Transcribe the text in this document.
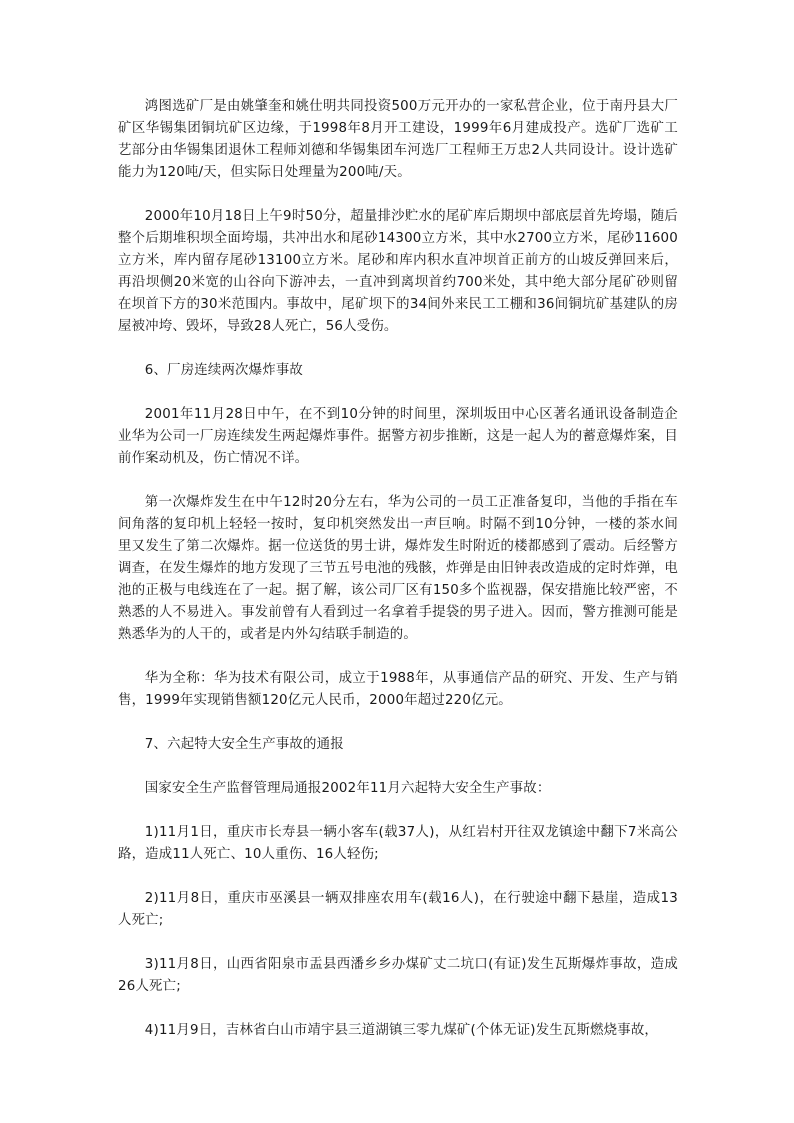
鸿图选矿厂是由姚肇奎和姚仕明共同投资500万元开办的一家私营企业，位于南丹县大厂矿区华锡集团铜坑矿区边缘，于1998年8月开工建设，1999年6月建成投产。选矿厂选矿工艺部分由华锡集团退休工程师刘德和华锡集团车河选厂工程师王万忠2人共同设计。设计选矿能力为120吨/天，但实际日处理量为200吨/天。

2000年10月18日上午9时50分，超量排沙贮水的尾矿库后期坝中部底层首先垮塌，随后整个后期堆积坝全面垮塌，共冲出水和尾砂14300立方米，其中水2700立方米，尾砂11600立方米，库内留存尾砂13100立方米。尾砂和库内积水直冲坝首正前方的山坡反弹回来后，再沿坝侧20米宽的山谷向下游冲去，一直冲到离坝首约700米处，其中绝大部分尾矿砂则留在坝首下方的30米范围内。事故中，尾矿坝下的34间外来民工工棚和36间铜坑矿基建队的房屋被冲垮、毁坏，导致28人死亡，56人受伤。

6、厂房连续两次爆炸事故

2001年11月28日中午，在不到10分钟的时间里，深圳坂田中心区著名通讯设备制造企业华为公司一厂房连续发生两起爆炸事件。据警方初步推断，这是一起人为的蓄意爆炸案，目前作案动机及，伤亡情况不详。

第一次爆炸发生在中午12时20分左右，华为公司的一员工正准备复印，当他的手指在车间角落的复印机上轻轻一按时，复印机突然发出一声巨响。时隔不到10分钟，一楼的茶水间里又发生了第二次爆炸。据一位送货的男士讲，爆炸发生时附近的楼都感到了震动。后经警方调查，在发生爆炸的地方发现了三节五号电池的残骸，炸弹是由旧钟表改造成的定时炸弹，电池的正极与电线连在了一起。据了解，该公司厂区有150多个监视器，保安措施比较严密，不熟悉的人不易进入。事发前曾有人看到过一名拿着手提袋的男子进入。因而，警方推测可能是熟悉华为的人干的，或者是内外勾结联手制造的。

华为全称：华为技术有限公司，成立于1988年，从事通信产品的研究、开发、生产与销售，1999年实现销售额120亿元人民币，2000年超过220亿元。

7、六起特大安全生产事故的通报

国家安全生产监督管理局通报2002年11月六起特大安全生产事故：

1)11月1日，重庆市长寿县一辆小客车(载37人)，从红岩村开往双龙镇途中翻下7米高公路，造成11人死亡、10人重伤、16人轻伤;

2)11月8日，重庆市巫溪县一辆双排座农用车(载16人)，在行驶途中翻下悬崖，造成13人死亡;

3)11月8日，山西省阳泉市盂县西潘乡乡办煤矿丈二坑口(有证)发生瓦斯爆炸事故，造成26人死亡;

4)11月9日，吉林省白山市靖宇县三道湖镇三零九煤矿(个体无证)发生瓦斯燃烧事故，
